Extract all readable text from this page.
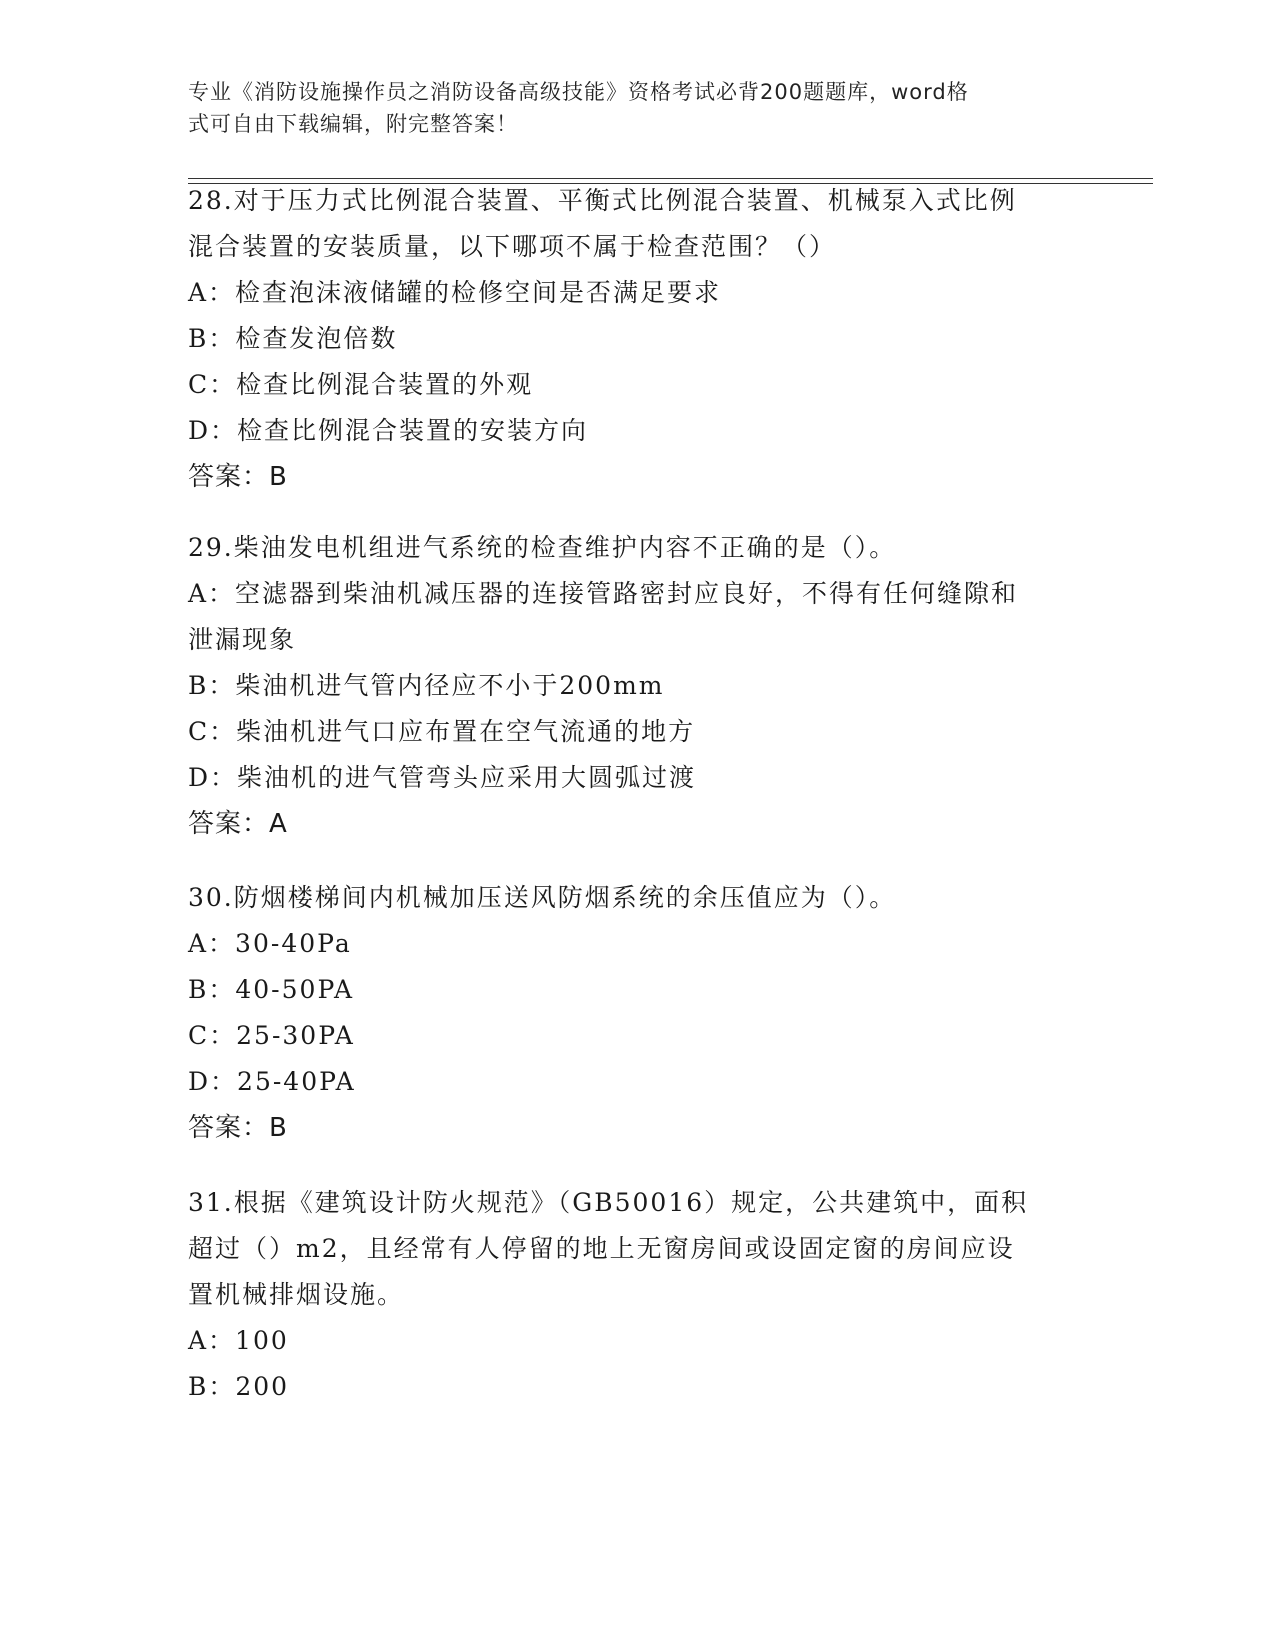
专业《消防设施操作员之消防设备高级技能》资格考试必背200题题库，word格
式可自由下载编辑，附完整答案！
28.对于压力式比例混合装置、平衡式比例混合装置、机械泵入式比例
混合装置的安装质量，以下哪项不属于检查范围？（）
A：检查泡沫液储罐的检修空间是否满足要求
B：检查发泡倍数
C：检查比例混合装置的外观
D：检查比例混合装置的安装方向
答案：B
29.柴油发电机组进气系统的检查维护内容不正确的是（）。
A：空滤器到柴油机减压器的连接管路密封应良好，不得有任何缝隙和
泄漏现象
B：柴油机进气管内径应不小于200mm
C：柴油机进气口应布置在空气流通的地方
D：柴油机的进气管弯头应采用大圆弧过渡
答案：A
30.防烟楼梯间内机械加压送风防烟系统的余压值应为（）。
A：30-40Pa
B：40-50PA
C：25-30PA
D：25-40PA
答案：B
31.根据《建筑设计防火规范》（GB50016）规定，公共建筑中，面积
超过（）m2，且经常有人停留的地上无窗房间或设固定窗的房间应设
置机械排烟设施。
A：100
B：200
